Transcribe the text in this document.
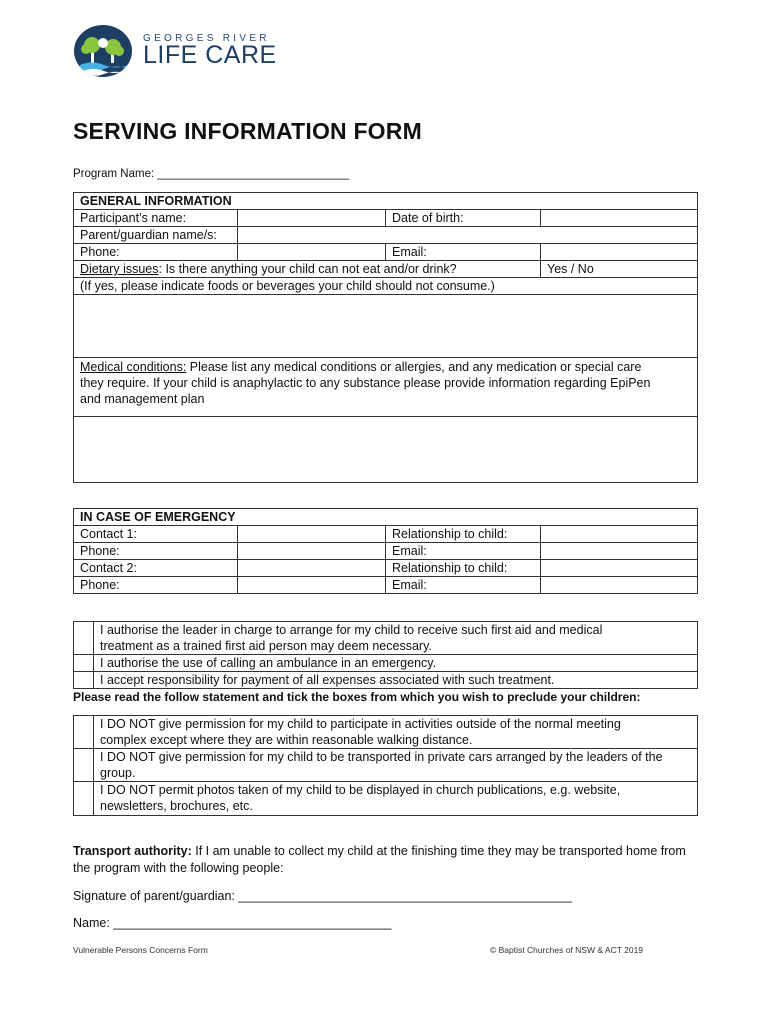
GEORGES RIVER
LIFE CARE
SERVING INFORMATION FORM
Program Name: ______________________________
GENERAL INFORMATION			
Participant’s name:		Date of birth:	
Parent/guardian name/s:			
Phone:		Email:	
Dietary issues: Is there anything your child can not eat and/or drink?			Yes / No
(If yes, please indicate foods or beverages your child should not consume.)			

Medical conditions: Please list any medical conditions or allergies, and any medication or special care they require. If your child is anaphylactic to any substance please provide information regarding EpiPen and management plan			

IN CASE OF EMERGENCY			
Contact 1:		Relationship to child:	
Phone:		Email:	
Contact 2:		Relationship to child:	
Phone:		Email:	
	I authorise the leader in charge to arrange for my child to receive such first aid and medical treatment as a trained first aid person may deem necessary.
	I authorise the use of calling an ambulance in an emergency.
	I accept responsibility for payment of all expenses associated with such treatment.
Please read the follow statement and tick the boxes from which you wish to preclude your children:
	I DO NOT give permission for my child to participate in activities outside of the normal meeting complex except where they are within reasonable walking distance.
	I DO NOT give permission for my child to be transported in private cars arranged by the leaders of the group.
	I DO NOT permit photos taken of my child to be displayed in church publications, e.g. website, newsletters, brochures, etc.
Transport authority: If I am unable to collect my child at the finishing time they may be transported home from the program with the following people:
Signature of parent/guardian: ________________________________________________
Name: ________________________________________
Vulnerable Persons Concerns Form	© Baptist Churches of NSW & ACT 2019
